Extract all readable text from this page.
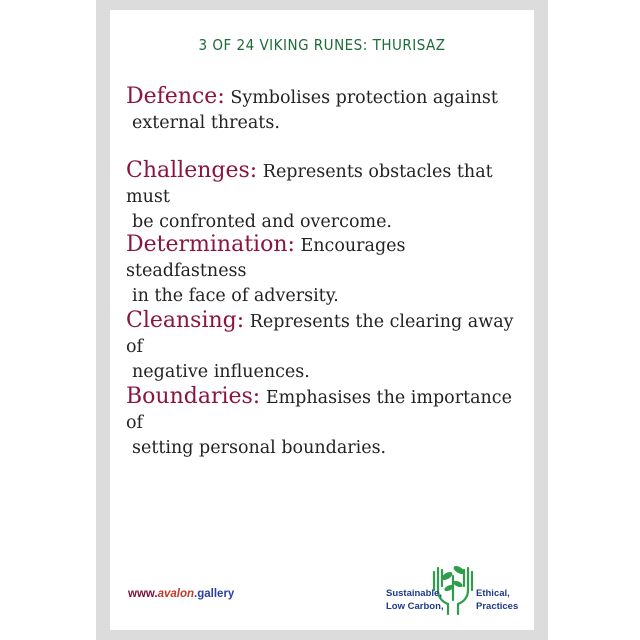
3 OF 24 VIKING RUNES: THURISAZ
Defence: Symbolises protection against
external threats.
Challenges: Represents obstacles that must
be confronted and overcome.
Determination: Encourages steadfastness
in the face of adversity.
Cleansing: Represents the clearing away of
negative influences.
Boundaries: Emphasises the importance of
setting personal boundaries.
www.avalon.gallery	Sustainable,
Low Carbon,
Ethical,
Practices
